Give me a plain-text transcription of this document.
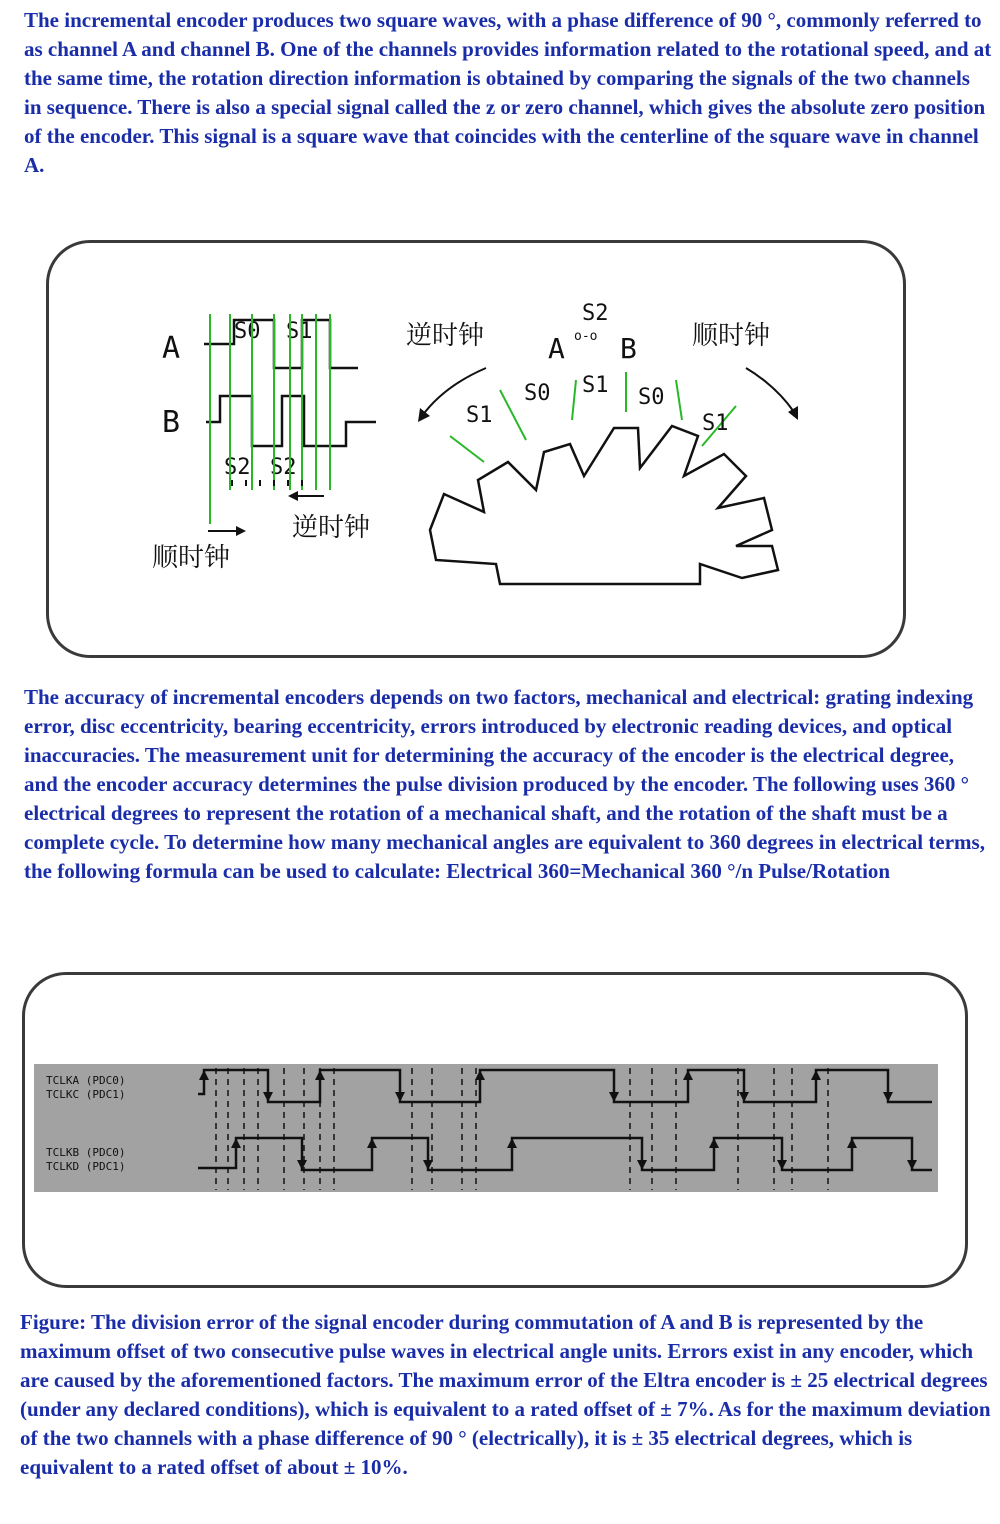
The incremental encoder produces two square waves, with a phase difference of 90 °, commonly referred to as channel A and channel B. One of the channels provides information related to the rotational speed, and at the same time, the rotation direction information is obtained by comparing the signals of the two channels in sequence. There is also a special signal called the z or zero channel, which gives the absolute zero position of the encoder. This signal is a square wave that coincides with the centerline of the square wave in channel A.

A
B
S0 S1
S2 S2
逆时钟
顺时钟
A o-o B
S2
S1
S0 S1 S0
S1
逆时钟	顺时钟

The accuracy of incremental encoders depends on two factors, mechanical and electrical: grating indexing error, disc eccentricity, bearing eccentricity, errors introduced by electronic reading devices, and optical inaccuracies. The measurement unit for determining the accuracy of the encoder is the electrical degree, and the encoder accuracy determines the pulse division produced by the encoder. The following uses 360 ° electrical degrees to represent the rotation of a mechanical shaft, and the rotation of the shaft must be a complete cycle. To determine how many mechanical angles are equivalent to 360 degrees in electrical terms, the following formula can be used to calculate: Electrical 360=Mechanical 360 °/n Pulse/Rotation

TCLKA (PDC0)
TCLKC (PDC1)
TCLKB (PDC0)
TCLKD (PDC1)

Figure: The division error of the signal encoder during commutation of A and B is represented by the maximum offset of two consecutive pulse waves in electrical angle units. Errors exist in any encoder, which are caused by the aforementioned factors. The maximum error of the Eltra encoder is ± 25 electrical degrees (under any declared conditions), which is equivalent to a rated offset of ± 7%. As for the maximum deviation of the two channels with a phase difference of 90 ° (electrically), it is ± 35 electrical degrees, which is equivalent to a rated offset of about ± 10%.
